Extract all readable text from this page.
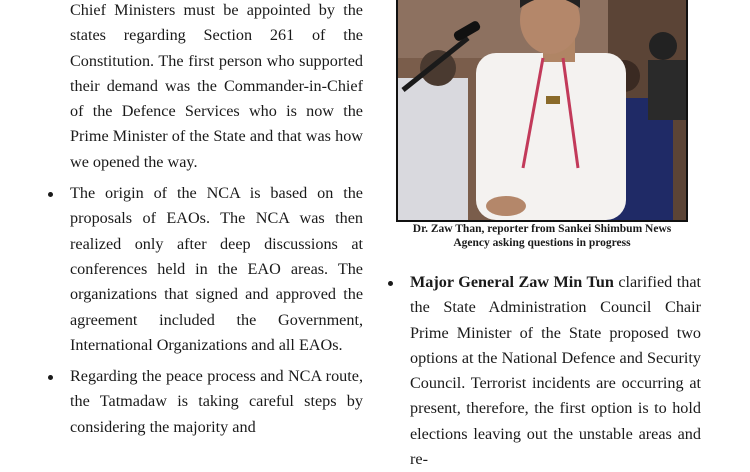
Chief Ministers must be appointed by the states regarding Section 261 of the Constitution. The first person who supported their demand was the Commander-in-Chief of the Defence Services who is now the Prime Minister of the State and that was how we opened the way.

The origin of the NCA is based on the proposals of EAOs. The NCA was then realized only after deep discussions at conferences held in the EAO areas. The organizations that signed and approved the agreement included the Government, International Organizations and all EAOs.

Regarding the peace process and NCA route, the Tatmadaw is taking careful steps by considering the majority and

Dr. Zaw Than, reporter from Sankei Shimbum News Agency asking questions in progress

Major General Zaw Min Tun clarified that the State Administration Council Chair Prime Minister of the State proposed two options at the National Defence and Security Council. Terrorist incidents are occurring at present, therefore, the first option is to hold elections leaving out the unstable areas and re-
